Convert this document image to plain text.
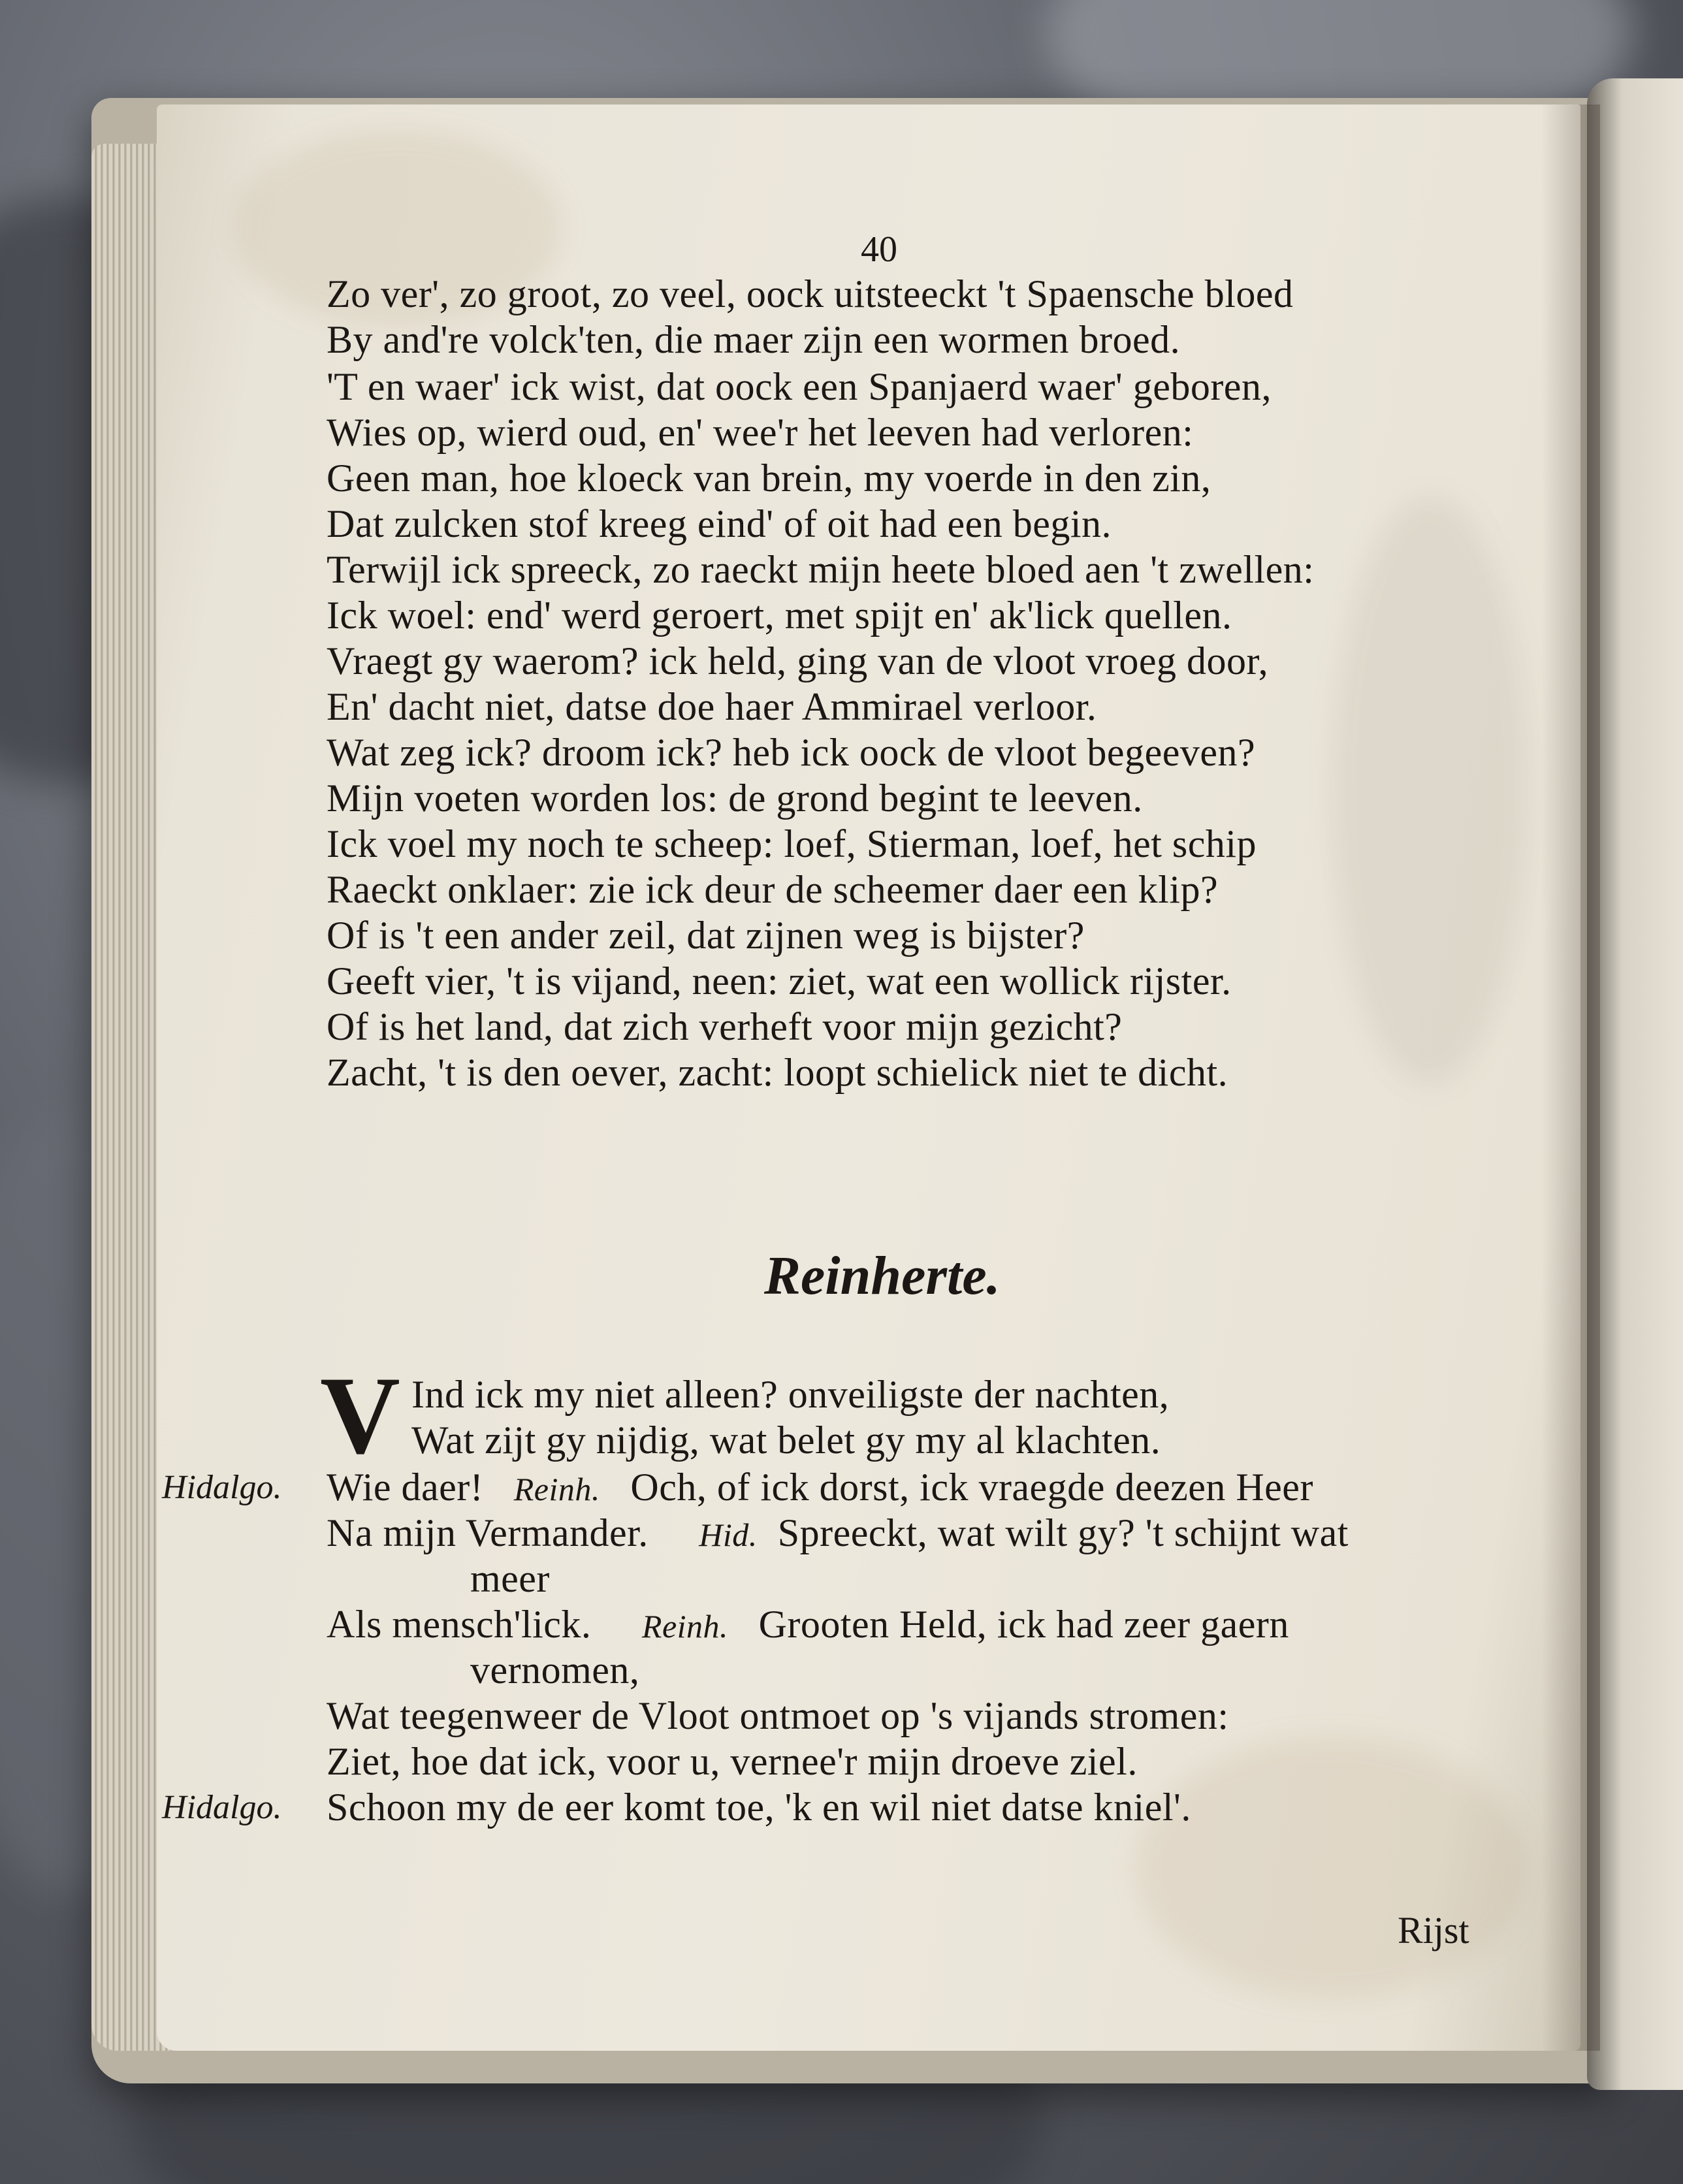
40
Zo ver', zo groot, zo veel, oock uitsteeckt 't Spaensche bloed
By and're volck'ten, die maer zijn een wormen broed.
'T en waer' ick wist, dat oock een Spanjaerd waer' geboren,
Wies op, wierd oud, en' wee'r het leeven had verloren:
Geen man, hoe kloeck van brein, my voerde in den zin,
Dat zulcken stof kreeg eind' of oit had een begin.
Terwijl ick spreeck, zo raeckt mijn heete bloed aen 't zwellen:
Ick woel: end' werd geroert, met spijt en' ak'lick quellen.
Vraegt gy waerom? ick held, ging van de vloot vroeg door,
En' dacht niet, datse doe haer Ammirael verloor.
Wat zeg ick? droom ick? heb ick oock de vloot begeeven?
Mijn voeten worden los: de grond begint te leeven.
Ick voel my noch te scheep: loef, Stierman, loef, het schip
Raeckt onklaer: zie ick deur de scheemer daer een klip?
Of is 't een ander zeil, dat zijnen weg is bijster?
Geeft vier, 't is vijand, neen: ziet, wat een wollick rijster.
Of is het land, dat zich verheft voor mijn gezicht?
Zacht, 't is den oever, zacht: loopt schielick niet te dicht.
Reinherte.
V Ind ick my niet alleen? onveiligste der nachten,
Wat zijt gy nijdig, wat belet gy my al klachten.
Hidalgo. Wie daer! Reinh. Och, of ick dorst, ick vraegde deezen Heer
Na mijn Vermander. Hid. Spreeckt, wat wilt gy? 't schijnt wat
meer
Als mensch'lick. Reinh. Grooten Held, ick had zeer gaern
vernomen,
Wat teegenweer de Vloot ontmoet op 's vijands stromen:
Ziet, hoe dat ick, voor u, vernee'r mijn droeve ziel.
Hidalgo. Schoon my de eer komt toe, 'k en wil niet datse kniel'.
Rijst
